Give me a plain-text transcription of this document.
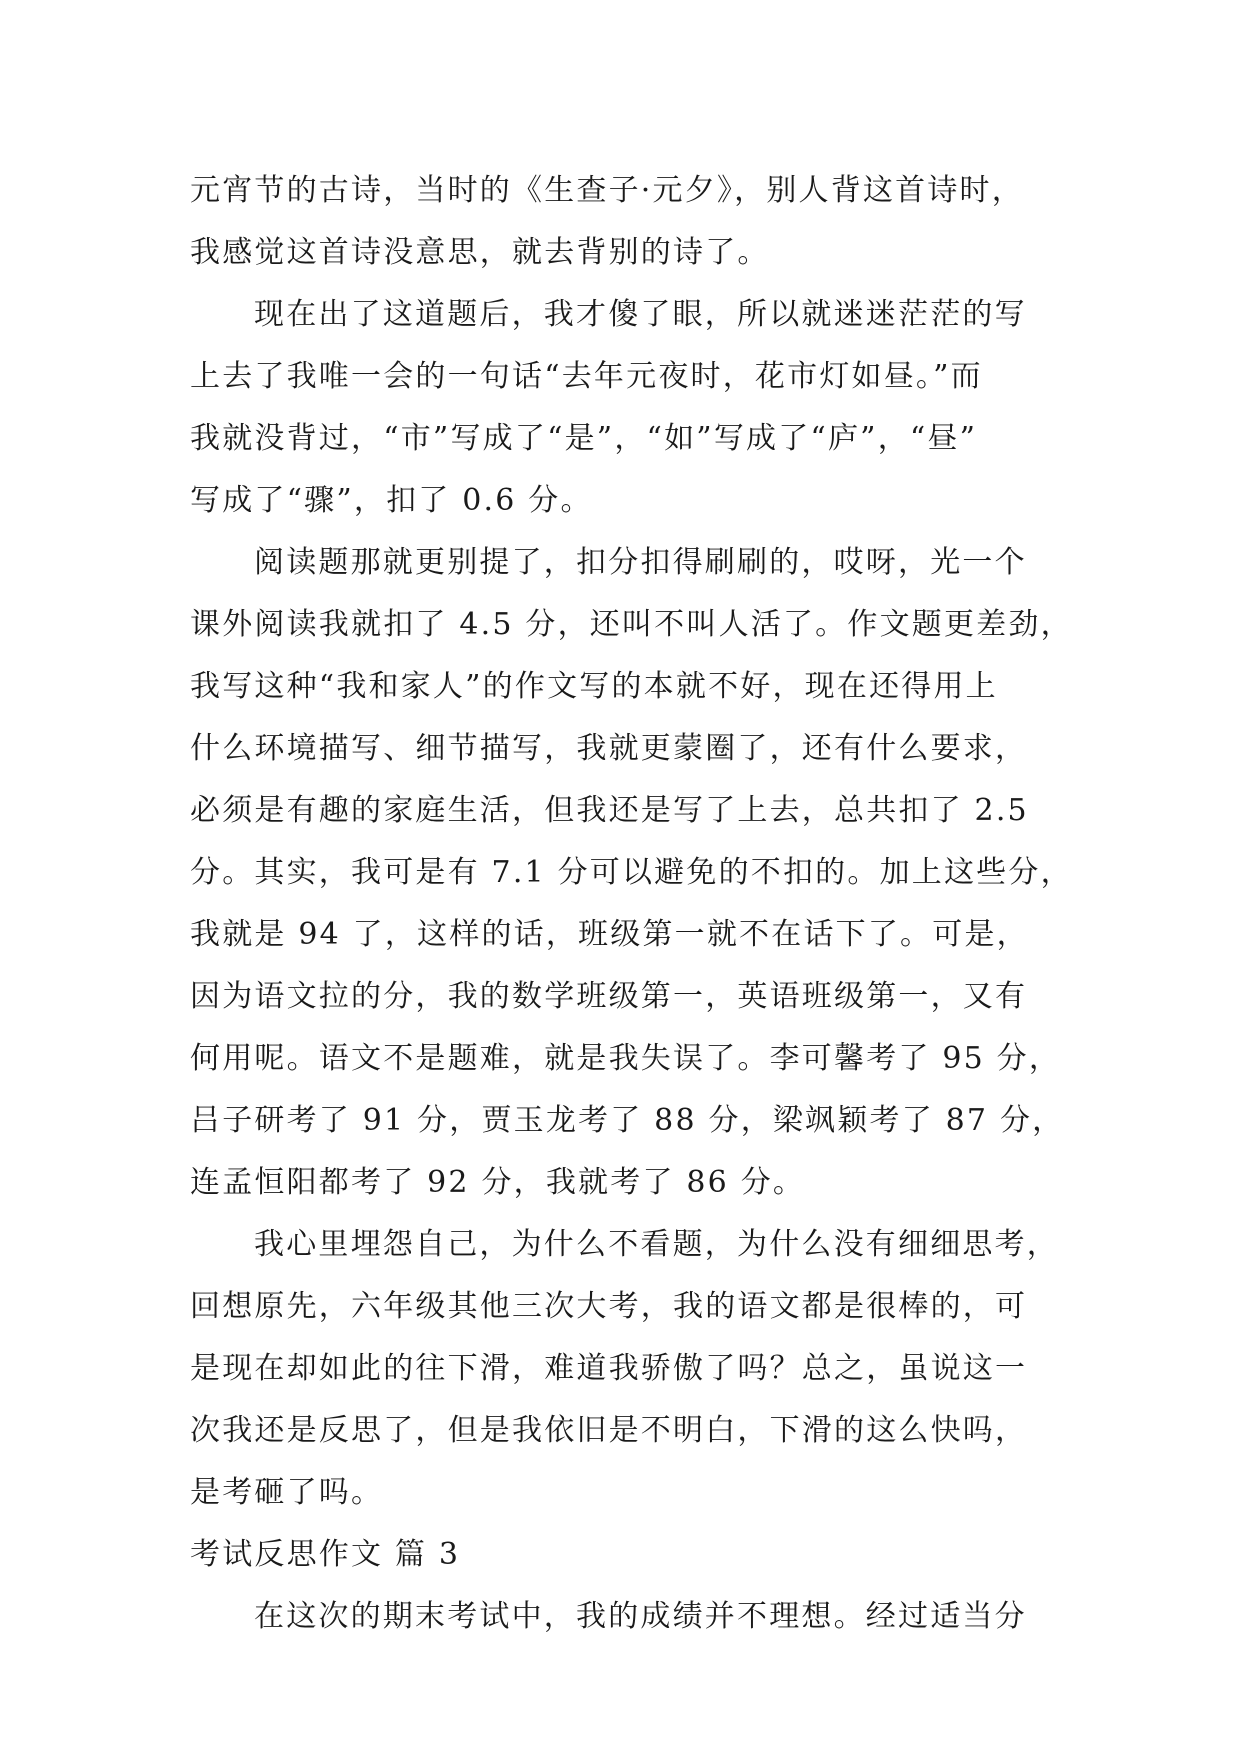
元宵节的古诗，当时的《生查子·元夕》，别人背这首诗时，
我感觉这首诗没意思，就去背别的诗了。
现在出了这道题后，我才傻了眼，所以就迷迷茫茫的写
上去了我唯一会的一句话“去年元夜时，花市灯如昼。”而
我就没背过，“市”写成了“是”，“如”写成了“庐”，“昼”
写成了“骤”，扣了 0.6 分。
阅读题那就更别提了，扣分扣得刷刷的，哎呀，光一个
课外阅读我就扣了 4.5 分，还叫不叫人活了。作文题更差劲，
我写这种“我和家人”的作文写的本就不好，现在还得用上
什么环境描写、细节描写，我就更蒙圈了，还有什么要求，
必须是有趣的家庭生活，但我还是写了上去，总共扣了 2.5
分。其实，我可是有 7.1 分可以避免的不扣的。加上这些分，
我就是 94 了，这样的话，班级第一就不在话下了。可是，
因为语文拉的分，我的数学班级第一，英语班级第一，又有
何用呢。语文不是题难，就是我失误了。李可馨考了 95 分，
吕子研考了 91 分，贾玉龙考了 88 分，梁飒颖考了 87 分，
连孟恒阳都考了 92 分，我就考了 86 分。
我心里埋怨自己，为什么不看题，为什么没有细细思考，
回想原先，六年级其他三次大考，我的语文都是很棒的，可
是现在却如此的往下滑，难道我骄傲了吗？总之，虽说这一
次我还是反思了，但是我依旧是不明白，下滑的这么快吗，
是考砸了吗。
考试反思作文 篇 3
在这次的期末考试中，我的成绩并不理想。经过适当分
